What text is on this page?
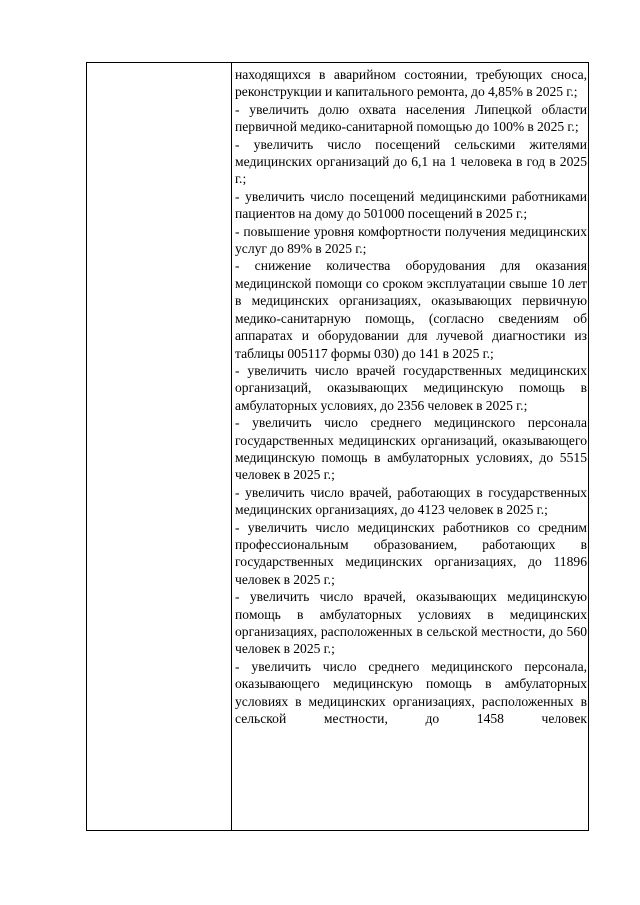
находящихся в аварийном состоянии, требующих сноса, реконструкции и капитального ремонта, до 4,85% в 2025 г.;

- увеличить долю охвата населения Липецкой области первичной медико-санитарной помощью до 100% в 2025 г.;

- увеличить число посещений сельскими жителями медицинских организаций до 6,1 на 1 человека в год в 2025 г.;

- увеличить число посещений медицинскими работниками пациентов на дому до 501000 посещений в 2025 г.;

- повышение уровня комфортности получения медицинских услуг до 89% в 2025 г.;

- снижение количества оборудования для оказания медицинской помощи со сроком эксплуатации свыше 10 лет в медицинских организациях, оказывающих первичную медико-санитарную помощь, (согласно сведениям об аппаратах и оборудовании для лучевой диагностики из таблицы 005117 формы 030) до 141 в 2025 г.;

- увеличить число врачей государственных медицинских организаций, оказывающих медицинскую помощь в амбулаторных условиях, до 2356 человек в 2025 г.;

- увеличить число среднего медицинского персонала государственных медицинских организаций, оказывающего медицинскую помощь в амбулаторных условиях, до 5515 человек в 2025 г.;

- увеличить число врачей, работающих в государственных медицинских организациях, до 4123 человек в 2025 г.;

- увеличить число медицинских работников со средним профессиональным образованием, работающих в государственных медицинских организациях, до 11896 человек в 2025 г.;

- увеличить число врачей, оказывающих медицинскую помощь в амбулаторных условиях в медицинских организациях, расположенных в сельской местности, до 560 человек в 2025 г.;

- увеличить число среднего медицинского персонала, оказывающего медицинскую помощь в амбулаторных условиях в медицинских организациях, расположенных в сельской местности, до 1458 человек
